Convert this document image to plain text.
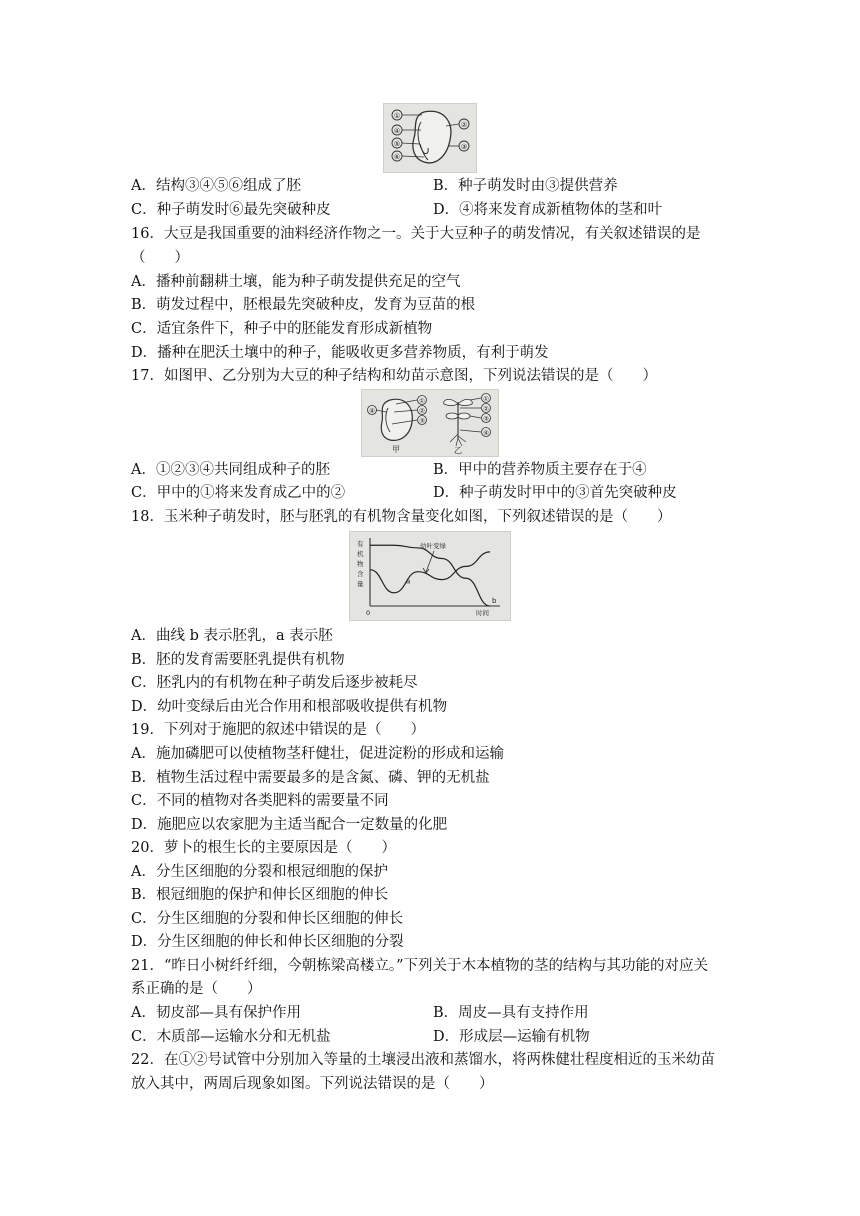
①
④
⑤
⑥
②
③
A．结构③④⑤⑥组成了胚	B．种子萌发时由③提供营养
C．种子萌发时⑥最先突破种皮	D．④将来发育成新植物体的茎和叶
16．大豆是我国重要的油料经济作物之一。关于大豆种子的萌发情况，有关叙述错误的是
（　　）
A．播种前翻耕土壤，能为种子萌发提供充足的空气
B．萌发过程中，胚根最先突破种皮，发育为豆苗的根
C．适宜条件下，种子中的胚能发育形成新植物
D．播种在肥沃土壤中的种子，能吸收更多营养物质，有利于萌发
17．如图甲、乙分别为大豆的种子结构和幼苗示意图，下列说法错误的是（　　）
④
①
②
③
甲
①
②
③
④
乙
A．①②③④共同组成种子的胚	B．甲中的营养物质主要存在于④
C．甲中的①将来发育成乙中的②	D．种子萌发时甲中的③首先突破种皮
18．玉米种子萌发时，胚与胚乳的有机物含量变化如图，下列叙述错误的是（　　）
有
机
物
含
量
0	时间
幼叶变绿
a
b
A．曲线 b 表示胚乳，a 表示胚
B．胚的发育需要胚乳提供有机物
C．胚乳内的有机物在种子萌发后逐步被耗尽
D．幼叶变绿后由光合作用和根部吸收提供有机物
19．下列对于施肥的叙述中错误的是（　　）
A．施加磷肥可以使植物茎秆健壮，促进淀粉的形成和运输
B．植物生活过程中需要最多的是含氮、磷、钾的无机盐
C．不同的植物对各类肥料的需要量不同
D．施肥应以农家肥为主适当配合一定数量的化肥
20．萝卜的根生长的主要原因是（　　）
A．分生区细胞的分裂和根冠细胞的保护
B．根冠细胞的保护和伸长区细胞的伸长
C．分生区细胞的分裂和伸长区细胞的伸长
D．分生区细胞的伸长和伸长区细胞的分裂
21．“昨日小树纤纤细，今朝栋梁高楼立。”下列关于木本植物的茎的结构与其功能的对应关
系正确的是（　　）
A．韧皮部—具有保护作用	B．周皮—具有支持作用
C．木质部—运输水分和无机盐	D．形成层—运输有机物
22．在①②号试管中分别加入等量的土壤浸出液和蒸馏水，将两株健壮程度相近的玉米幼苗
放入其中，两周后现象如图。下列说法错误的是（　　）
